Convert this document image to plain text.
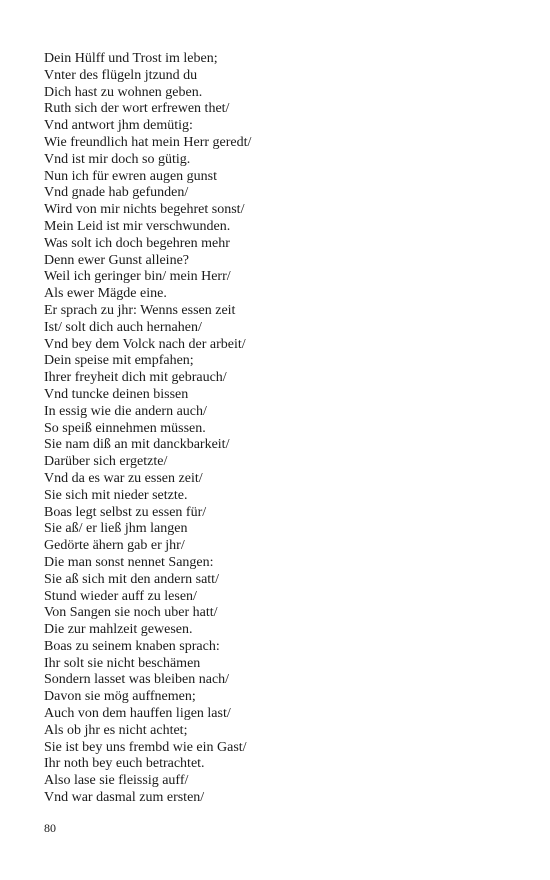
Dein Hülff und Trost im leben;
Vnter des flügeln jtzund du
Dich hast zu wohnen geben.
Ruth sich der wort erfrewen thet/
Vnd antwort jhm demütig:
Wie freundlich hat mein Herr geredt/
Vnd ist mir doch so gütig.
Nun ich für ewren augen gunst
Vnd gnade hab gefunden/
Wird von mir nichts begehret sonst/
Mein Leid ist mir verschwunden.
Was solt ich doch begehren mehr
Denn ewer Gunst alleine?
Weil ich geringer bin/ mein Herr/
Als ewer Mägde eine.
Er sprach zu jhr: Wenns essen zeit
Ist/ solt dich auch hernahen/
Vnd bey dem Volck nach der arbeit/
Dein speise mit empfahen;
Ihrer freyheit dich mit gebrauch/
Vnd tuncke deinen bissen
In essig wie die andern auch/
So speiß einnehmen müssen.
Sie nam diß an mit danckbarkeit/
Darüber sich ergetzte/
Vnd da es war zu essen zeit/
Sie sich mit nieder setzte.
Boas legt selbst zu essen für/
Sie aß/ er ließ jhm langen
Gedörte ähern gab er jhr/
Die man sonst nennet Sangen:
Sie aß sich mit den andern satt/
Stund wieder auff zu lesen/
Von Sangen sie noch uber hatt/
Die zur mahlzeit gewesen.
Boas zu seinem knaben sprach:
Ihr solt sie nicht beschämen
Sondern lasset was bleiben nach/
Davon sie mög auffnemen;
Auch von dem hauffen ligen last/
Als ob jhr es nicht achtet;
Sie ist bey uns frembd wie ein Gast/
Ihr noth bey euch betrachtet.
Also lase sie fleissig auff/
Vnd war dasmal zum ersten/
80
